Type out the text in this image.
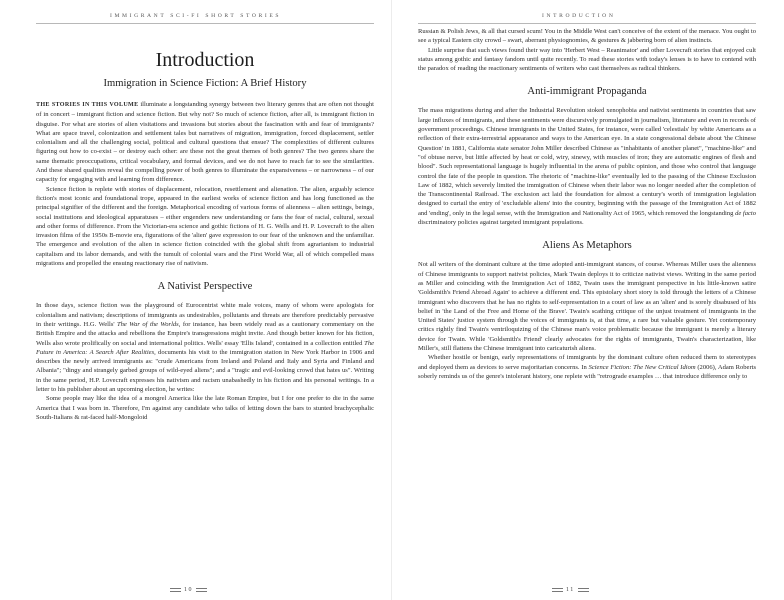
IMMIGRANT SCI-FI SHORT STORIES
Introduction
Immigration in Science Fiction: A Brief History

THE STORIES IN THIS VOLUME illuminate a longstanding synergy between two literary genres that are often not thought of in concert – immigrant fiction and science fiction. But why not? So much of science fiction, after all, is immigrant fiction in disguise. For what are stories of alien visitations and invasions but stories about the fascination with and fear of immigrants? What are space travel, colonization and settlement tales but narratives of migration, immigration, forced displacement, settler colonialism and all the challenging social, political and cultural questions that ensue? The complexities of different cultures figuring out how to co-exist – or destroy each other: are these not the great themes of both genres? The two genres share the same thematic preoccupations, critical vocabulary, and formal devices, and we do not have to reach far to see the similarities. And these shared qualities reveal the compelling power of both genres to illuminate the expansiveness – or narrowness – of our capacity for engaging with and learning from difference.

Science fiction is replete with stories of displacement, relocation, resettlement and alienation. The alien, arguably science fiction's most iconic and foundational trope, appeared in the earliest works of science fiction and has long functioned as the principal signifier of the different and the foreign. Metaphorical encoding of various forms of alienness – alien settings, beings, social institutions and ideological apparatuses – either engenders new understanding or fans the fear of racial, cultural, sexual and other forms of difference. From the Victorian-era science and gothic fictions of H. G. Wells and H. P. Lovecraft to the alien invasion films of the 1950s B-movie era, figurations of the 'alien' gave expression to our fear of the unknown and the unfamiliar. The emergence and evolution of the alien in science fiction coincided with the global shift from agrarianism to industrial capitalism and its labor demands, and with the tumult of colonial wars and the First World War, all of which compelled mass migrations and propelled the ensuing reactionary rise of nativism.

A Nativist Perspective

In those days, science fiction was the playground of Eurocentrist white male voices, many of whom were apologists for colonialism and nativism; descriptions of immigrants as undesirables, pollutants and threats are therefore predictably pervasive in their writings. H.G. Wells' The War of the Worlds, for instance, has been widely read as a cautionary commentary on the British Empire and the attacks and rebellions the Empire's transgressions might invite. And though better known for his fiction, Wells also wrote prolifically on social and international politics. Wells' essay 'Ellis Island', contained in a collection entitled The Future in America: A Search After Realities, documents his visit to the immigration station in New York Harbor in 1906 and describes the newly arrived immigrants as: "crude Americans from Ireland and Poland and Italy and Syria and Finland and Albania"; "dingy and strangely garbed groups of wild-eyed aliens"; and a "tragic and evil-looking crowd that hates us". Writing in the same period, H.P. Lovecraft expresses his nativism and racism unabashedly in his fiction and his personal writings. In a letter to his publisher about an upcoming election, he writes:

Some people may like the idea of a mongrel America like the late Roman Empire, but I for one prefer to die in the same America that I was born in. Therefore, I'm against any candidate who talks of letting down the bars to stunted brachycephalic South-Italians & rat-faced half-Mongoloid

10
INTRODUCTION

Russian & Polish Jews, & all that cursed scum! You in the Middle West can't conceive of the extent of the menace. You ought to see a typical Eastern city crowd – swart, aberrant physiognomies, & gestures & jabbering born of alien instincts.

Little surprise that such views found their way into 'Herbert West – Reanimator' and other Lovecraft stories that enjoyed cult status among gothic and fantasy fandom until quite recently. To read these stories with today's lenses is to have to contend with the paradox of reading the reactionary sentiments of writers who cast themselves as radical thinkers.

Anti-immigrant Propaganda

The mass migrations during and after the Industrial Revolution stoked xenophobia and nativist sentiments in countries that saw large influxes of immigrants, and these sentiments were discursively promulgated in journalism, literature and even in records of government proceedings. Chinese immigrants in the United States, for instance, were called 'celestials' by white Americans as a reflection of their extra-terrestrial appearance and ways to the American eye. In a state congressional debate about 'the Chinese Question' in 1881, California state senator John Miller described Chinese as "inhabitants of another planet", "machine-like" and "of obtuse nerve, but little affected by heat or cold, wiry, sinewy, with muscles of iron; they are automatic engines of flesh and blood". Such representational language is hugely influential in the arena of public opinion, and those who control that language control the fate of the people in question. The rhetoric of "machine-like" eventually led to the passing of the Chinese Exclusion Law of 1882, which severely limited the immigration of Chinese when their labor was no longer needed after the completion of the Transcontinental Railroad. The exclusion act laid the foundation for almost a century's worth of immigration legislation designed to curtail the entry of 'excludable aliens' into the country, beginning with the passage of the Immigration Act of 1882 and 'ending', only in the legal sense, with the Immigration and Nationality Act of 1965, which removed the longstanding de facto discriminatory policies against targeted immigrant populations.

Aliens As Metaphors

Not all writers of the dominant culture at the time adopted anti-immigrant stances, of course. Whereas Miller uses the alienness of Chinese immigrants to support nativist policies, Mark Twain deploys it to criticize nativist views. Writing in the same period as Miller and coinciding with the Immigration Act of 1882, Twain uses the immigrant perspective in his little-known satire 'Goldsmith's Friend Abroad Again' to achieve a different end. This epistolary short story is told through the letters of a Chinese immigrant who discovers that he has no rights to self-representation in a court of law as an 'alien' and is sorely disabused of his belief in 'the Land of the Free and Home of the Brave'. Twain's scathing critique of the unjust treatment of immigrants in the United States' justice system through the voices of immigrants is, at that time, a rare but valuable gesture. Yet contemporary critics rightly find Twain's ventriloquizing of the Chinese man's voice problematic because the immigrant is merely a literary device for Twain. While 'Goldsmith's Friend' clearly advocates for the rights of immigrants, Twain's characterization, like Miller's, still flattens the Chinese immigrant into caricaturish aliens.

Whether hostile or benign, early representations of immigrants by the dominant culture often reduced them to stereotypes and deployed them as devices to serve majoritarian concerns. In Science Fiction: The New Critical Idiom (2006), Adam Roberts soberly reminds us of the genre's intolerant history, one replete with "retrograde examples … that introduce difference only to

11
